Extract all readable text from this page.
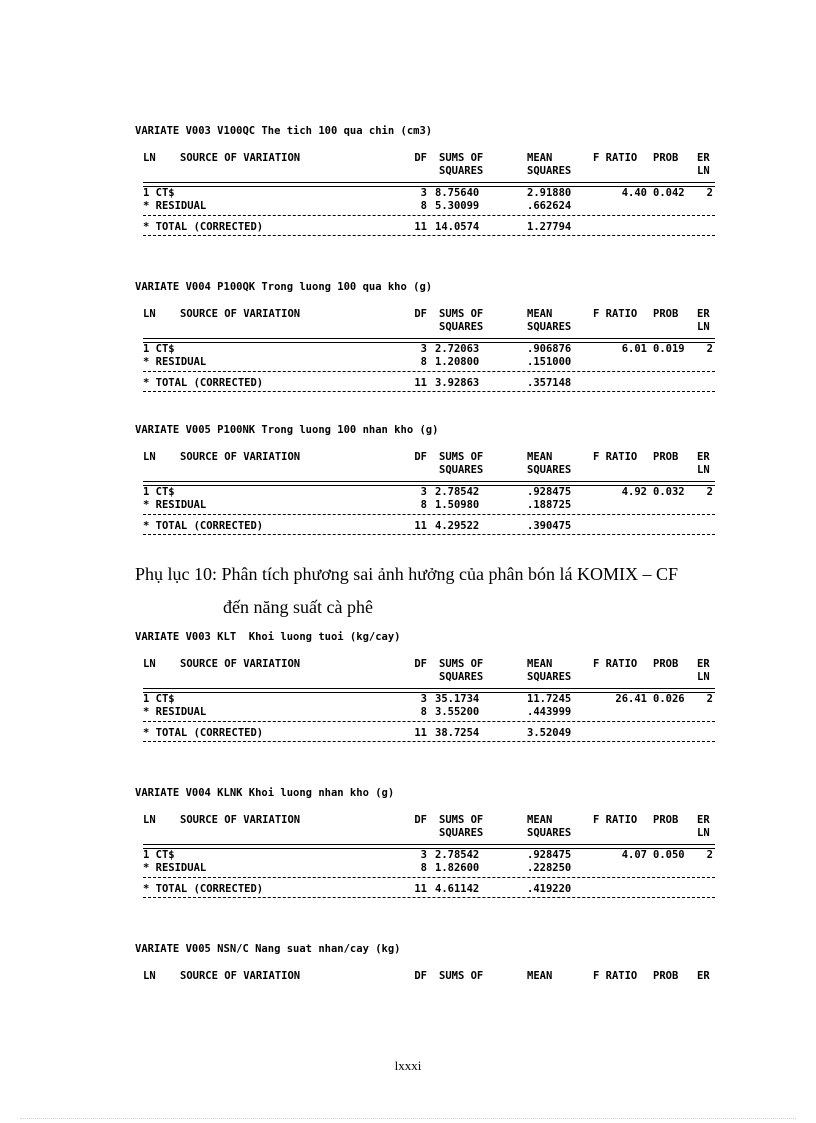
VARIATE V003 V100QC The tich 100 qua chin (cm3)
LN SOURCE OF VARIATION	DF SUMS OF	MEAN	F RATIO PROB ER
SQUARES	SQUARES	LN
1 CT$	3 8.75640	2.91880	4.40 0.042 2
* RESIDUAL	8 5.30099	.662624
* TOTAL (CORRECTED)	11 14.0574	1.27794
VARIATE V004 P100QK Trong luong 100 qua kho (g)
LN SOURCE OF VARIATION	DF SUMS OF	MEAN	F RATIO PROB ER
SQUARES	SQUARES	LN
1 CT$	3 2.72063	.906876	6.01 0.019 2
* RESIDUAL	8 1.20800	.151000
* TOTAL (CORRECTED)	11 3.92863	.357148
VARIATE V005 P100NK Trong luong 100 nhan kho (g)
LN SOURCE OF VARIATION	DF SUMS OF	MEAN	F RATIO PROB ER
SQUARES	SQUARES	LN
1 CT$	3 2.78542	.928475	4.92 0.032 2
* RESIDUAL	8 1.50980	.188725
* TOTAL (CORRECTED)	11 4.29522	.390475
VARIATE V003 KLT  Khoi luong tuoi (kg/cay)
LN SOURCE OF VARIATION	DF SUMS OF	MEAN	F RATIO PROB ER
SQUARES	SQUARES	LN
1 CT$	3 35.1734	11.7245	26.41 0.026 2
* RESIDUAL	8 3.55200	.443999
* TOTAL (CORRECTED)	11 38.7254	3.52049
VARIATE V004 KLNK Khoi luong nhan kho (g)
LN SOURCE OF VARIATION	DF SUMS OF	MEAN	F RATIO PROB ER
SQUARES	SQUARES	LN
1 CT$	3 2.78542	.928475	4.07 0.050 2
* RESIDUAL	8 1.82600	.228250
* TOTAL (CORRECTED)	11 4.61142	.419220
Phụ lục 10: Phân tích phương sai ảnh hưởng của phân bón lá KOMIX – CF
đến năng suất cà phê
VARIATE V005 NSN/C Nang suat nhan/cay (kg)
LN SOURCE OF VARIATION	DF SUMS OF	MEAN	F RATIO PROB ER
lxxxi
